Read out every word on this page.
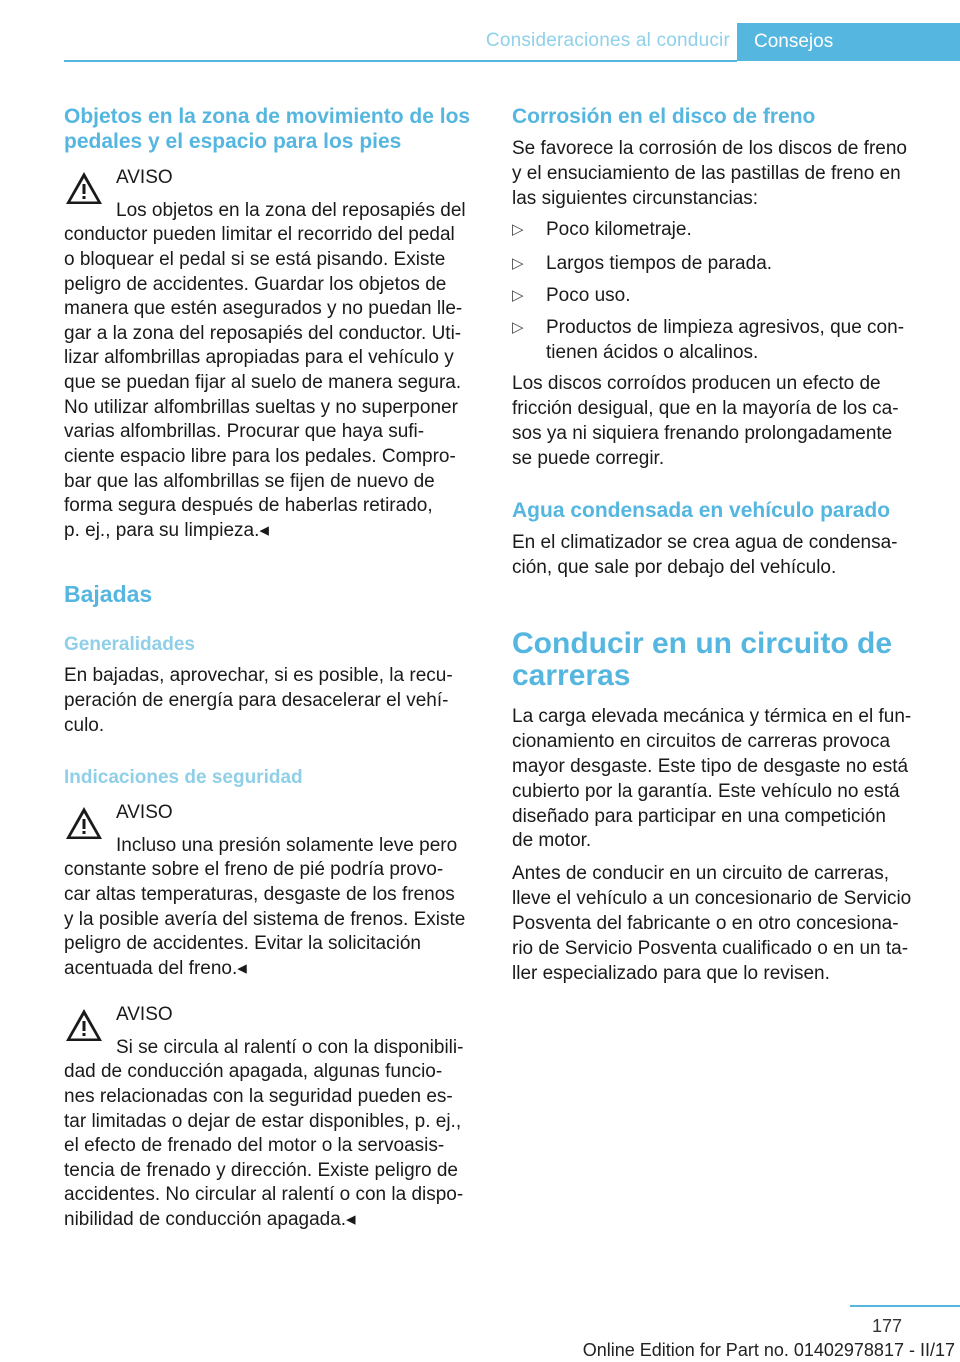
Consideraciones al conducir Consejos
Objetos en la zona de movimiento de los pedales y el espacio para los pies

AVISO

Los objetos en la zona del reposapiés del

conductor pueden limitar el recorrido del pedal

o bloquear el pedal si se está pisando. Existe

peligro de accidentes. Guardar los objetos de

manera que estén asegurados y no puedan lle-

gar a la zona del reposapiés del conductor. Uti-

lizar alfombrillas apropiadas para el vehículo y

que se puedan fijar al suelo de manera segura.

No utilizar alfombrillas sueltas y no superponer

varias alfombrillas. Procurar que haya sufi-

ciente espacio libre para los pedales. Compro-

bar que las alfombrillas se fijen de nuevo de

forma segura después de haberlas retirado,

p. ej., para su limpieza.◂

Bajadas
Generalidades

En bajadas, aprovechar, si es posible, la recu-

peración de energía para desacelerar el vehí-

culo.

Indicaciones de seguridad

AVISO

Incluso una presión solamente leve pero

constante sobre el freno de pié podría provo-

car altas temperaturas, desgaste de los frenos

y la posible avería del sistema de frenos. Existe

peligro de accidentes. Evitar la solicitación

acentuada del freno.◂

AVISO

Si se circula al ralentí o con la disponibili-

dad de conducción apagada, algunas funcio-

nes relacionadas con la seguridad pueden es-

tar limitadas o dejar de estar disponibles, p. ej.,

el efecto de frenado del motor o la servoasis-

tencia de frenado y dirección. Existe peligro de

accidentes. No circular al ralentí o con la dispo-

nibilidad de conducción apagada.◂

Corrosión en el disco de freno

Se favorece la corrosión de los discos de freno

y el ensuciamiento de las pastillas de freno en

las siguientes circunstancias:

▷ Poco kilometraje.
▷ Largos tiempos de parada.
▷ Poco uso.
▷ Productos de limpieza agresivos, que con-
tienen ácidos o alcalinos.

Los discos corroídos producen un efecto de

fricción desigual, que en la mayoría de los ca-

sos ya ni siquiera frenando prolongadamente

se puede corregir.

Agua condensada en vehículo parado

En el climatizador se crea agua de condensa-

ción, que sale por debajo del vehículo.

Conducir en un circuito de
carreras

La carga elevada mecánica y térmica en el fun-

cionamiento en circuitos de carreras provoca

mayor desgaste. Este tipo de desgaste no está

cubierto por la garantía. Este vehículo no está

diseñado para participar en una competición

de motor.

Antes de conducir en un circuito de carreras,

lleve el vehículo a un concesionario de Servicio

Posventa del fabricante o en otro concesiona-

rio de Servicio Posventa cualificado o en un ta-

ller especializado para que lo revisen.

177
Online Edition for Part no. 01402978817 - II/17
